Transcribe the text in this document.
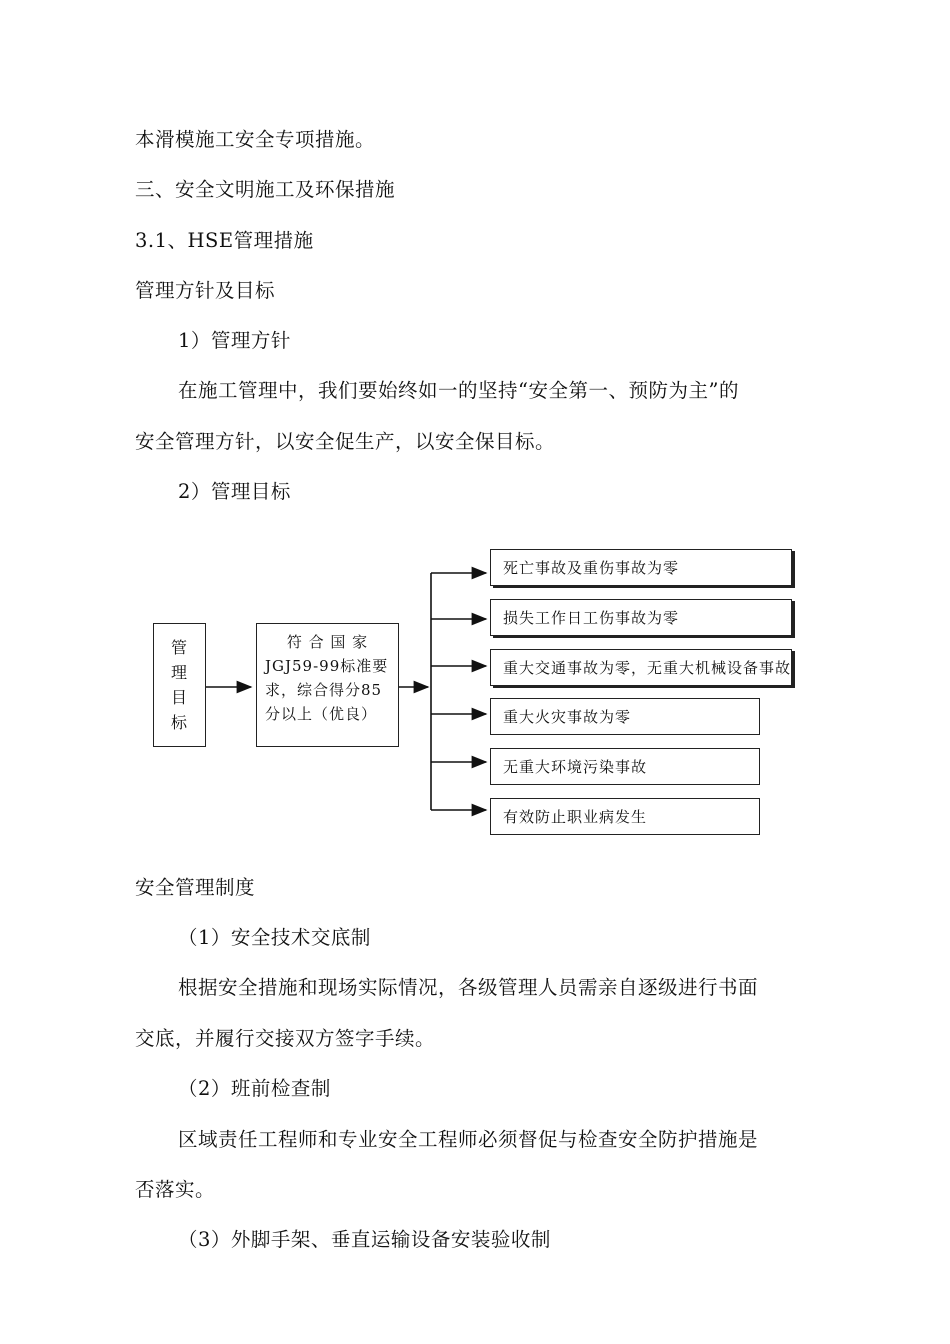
本滑模施工安全专项措施。
三、安全文明施工及环保措施
3.1、HSE管理措施
管理方针及目标
1）管理方针
在施工管理中，我们要始终如一的坚持“安全第一、预防为主”的
安全管理方针，以安全促生产，以安全保目标。
2）管理目标
管
理
目
标
符 合 国 家
JGJ59-99标准要
求，综合得分85
分以上（优良）
死亡事故及重伤事故为零
损失工作日工伤事故为零
重大交通事故为零，无重大机械设备事故
重大火灾事故为零
无重大环境污染事故
有效防止职业病发生
安全管理制度
（1）安全技术交底制
根据安全措施和现场实际情况，各级管理人员需亲自逐级进行书面
交底，并履行交接双方签字手续。
（2）班前检查制
区域责任工程师和专业安全工程师必须督促与检查安全防护措施是
否落实。
（3）外脚手架、垂直运输设备安装验收制
